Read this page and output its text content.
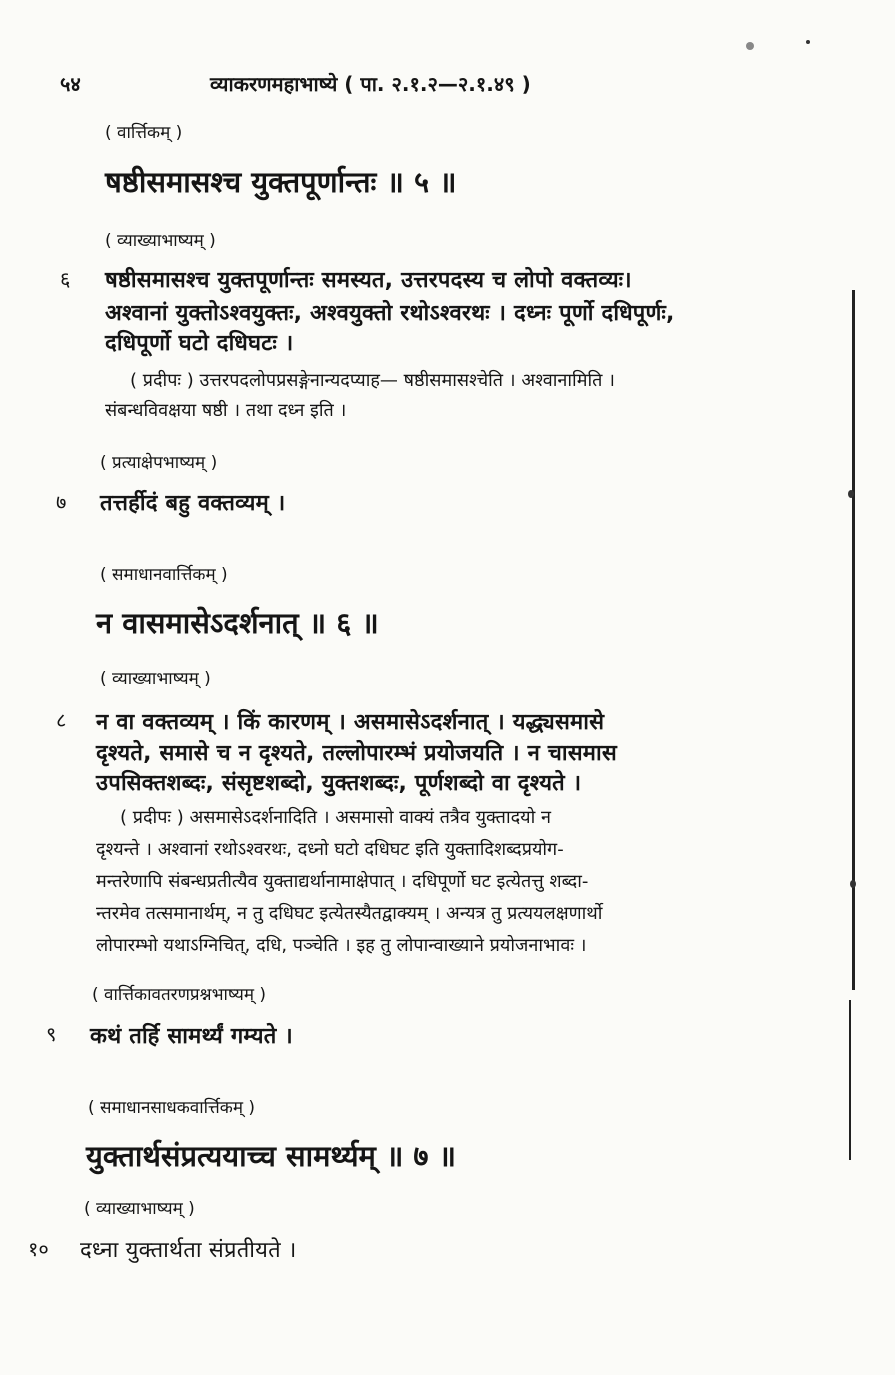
५४	व्याकरणमहाभाष्ये ( पा. २.१.२—२.१.४९ )
( वार्त्तिकम् )
षष्ठीसमासश्च युक्तपूर्णान्तः ॥ ५ ॥
( व्याख्याभाष्यम् )
६ षष्ठीसमासश्च युक्तपूर्णान्तः समस्यत, उत्तरपदस्य च लोपो वक्तव्यः।
अश्वानां युक्तोऽश्वयुक्तः, अश्वयुक्तो रथोऽश्वरथः । दध्नः पूर्णो दधिपूर्णः,
दधिपूर्णो घटो दधिघटः ।
( प्रदीपः ) उत्तरपदलोपप्रसङ्गेनान्यदप्याह— षष्ठीसमासश्चेति । अश्वानामिति ।
संबन्धविवक्षया षष्ठी । तथा दध्न इति ।
( प्रत्याक्षेपभाष्यम् )
७ तत्तर्हीदं बहु वक्तव्यम् ।
( समाधानवार्त्तिकम् )
न वासमासेऽदर्शनात् ॥ ६ ॥
( व्याख्याभाष्यम् )
८ न वा वक्तव्यम् । किं कारणम् । असमासेऽदर्शनात् । यद्ध्यसमासे
दृश्यते, समासे च न दृश्यते, तल्लोपारम्भं प्रयोजयति । न चासमास
उपसिक्तशब्दः, संसृष्टशब्दो, युक्तशब्दः, पूर्णशब्दो वा दृश्यते ।
( प्रदीपः ) असमासेऽदर्शनादिति । असमासो वाक्यं तत्रैव युक्तादयो न
दृश्यन्ते । अश्वानां रथोऽश्वरथः, दध्नो घटो दधिघट इति युक्तादिशब्दप्रयोग-
मन्तरेणापि संबन्धप्रतीत्यैव युक्ताद्यर्थानामाक्षेपात् । दधिपूर्णो घट इत्येतत्तु शब्दा-
न्तरमेव तत्समानार्थम्, न तु दधिघट इत्येतस्यैतद्वाक्यम् । अन्यत्र तु प्रत्ययलक्षणार्थो
लोपारम्भो यथाऽग्निचित्, दधि, पञ्चेति । इह तु लोपान्वाख्याने प्रयोजनाभावः ।
( वार्त्तिकावतरणप्रश्नभाष्यम् )
९ कथं तर्हि सामर्थ्यं गम्यते ।
( समाधानसाधकवार्त्तिकम् )
युक्तार्थसंप्रत्ययाच्च सामर्थ्यम् ॥ ७ ॥
( व्याख्याभाष्यम् )
१० दध्ना युक्तार्थता संप्रतीयते ।
